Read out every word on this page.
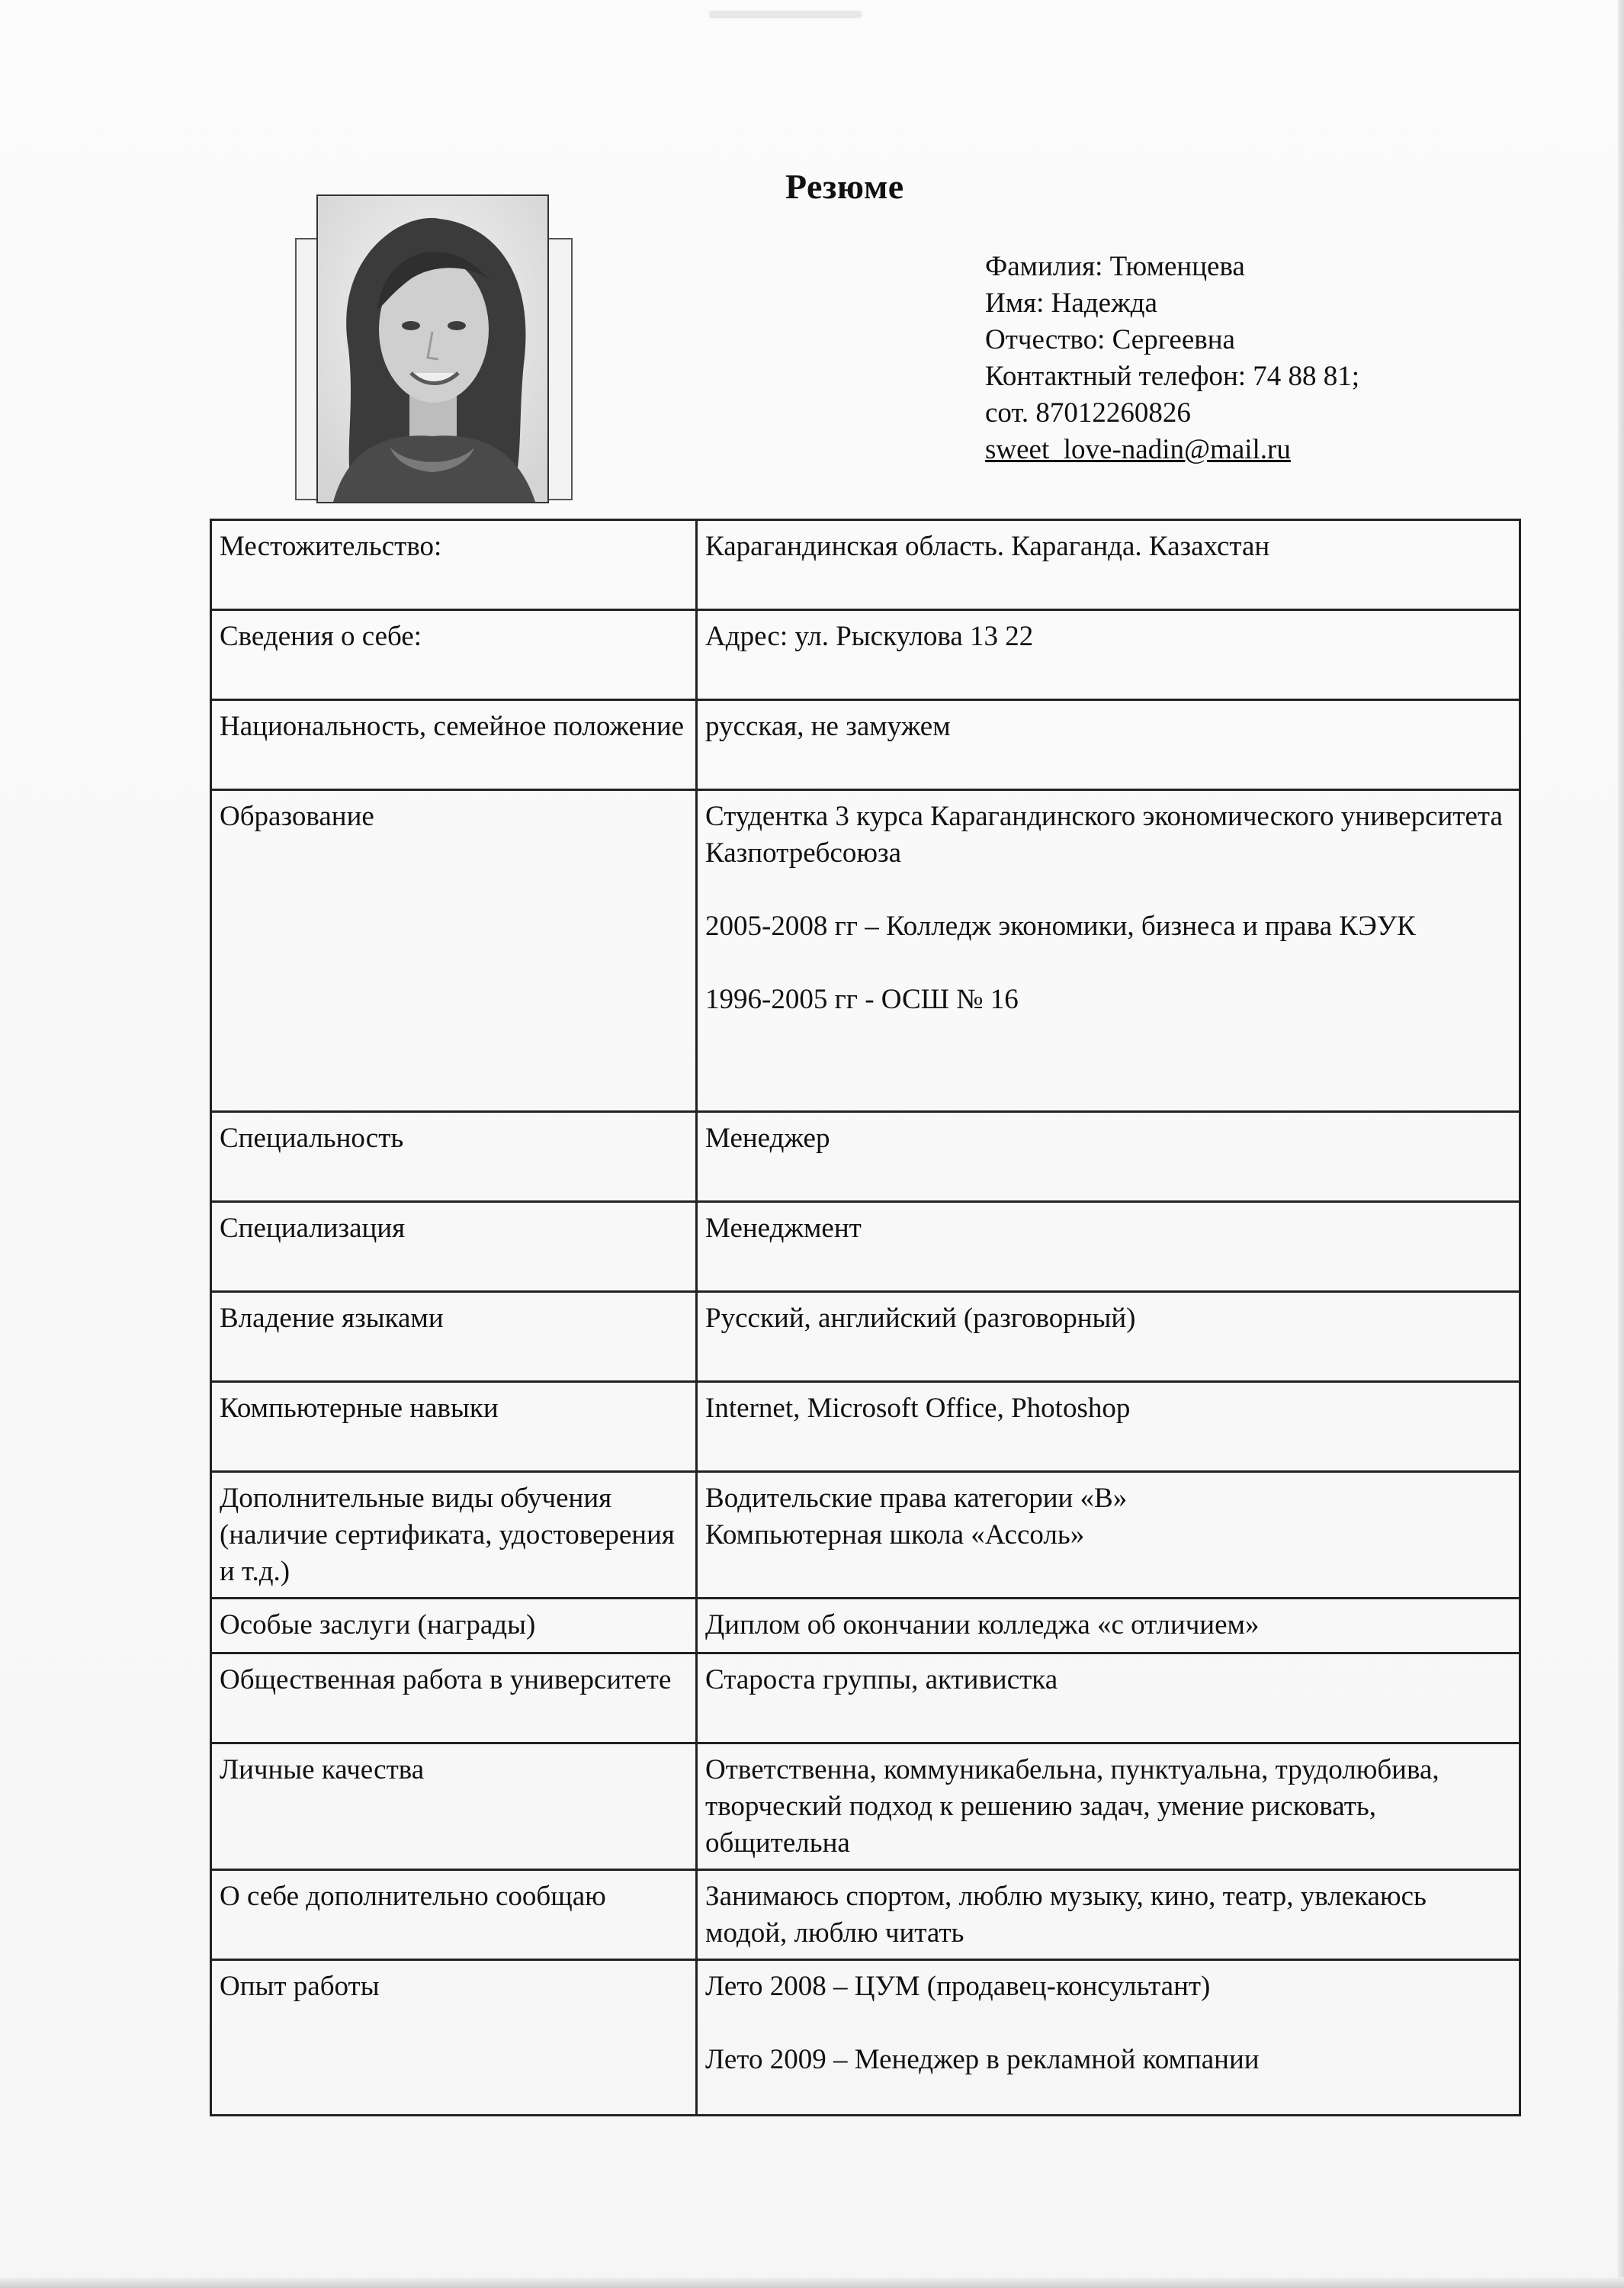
Резюме
Фамилия: Тюменцева
Имя: Надежда
Отчество: Сергеевна
Контактный телефон: 74 88 81;
сот. 87012260826
sweet_love-nadin@mail.ru
Местожительство:	Карагандинская область. Караганда. Казахстан

Сведения о себе:	Адрес: ул. Рыскулова 13 22

Национальность, семейное положение	русская, не замужем

Образование	Студентка 3 курса Карагандинского экономического университета Казпотребсоюза
2005-2008 гг – Колледж экономики, бизнеса и права КЭУК
1996-2005 гг - ОСШ № 16

Специальность	Менеджер

Специализация	Менеджмент

Владение языками	Русский, английский (разговорный)

Компьютерные навыки	Internet, Microsoft Office, Photoshop

Дополнительные виды обучения (наличие сертификата, удостоверения и т.д.)	Водительские права категории «В»
Компьютерная школа «Ассоль»

Особые заслуги (награды)	Диплом об окончании колледжа «с отличием»

Общественная работа в университете	Староста группы, активистка

Личные качества	Ответственна, коммуникабельна, пунктуальна, трудолюбива, творческий подход к решению задач, умение рисковать, общительна

О себе дополнительно сообщаю	Занимаюсь спортом, люблю музыку, кино, театр, увлекаюсь модой, люблю читать

Опыт работы	Лето 2008 – ЦУМ (продавец-консультант)
Лето 2009 – Менеджер в рекламной компании
